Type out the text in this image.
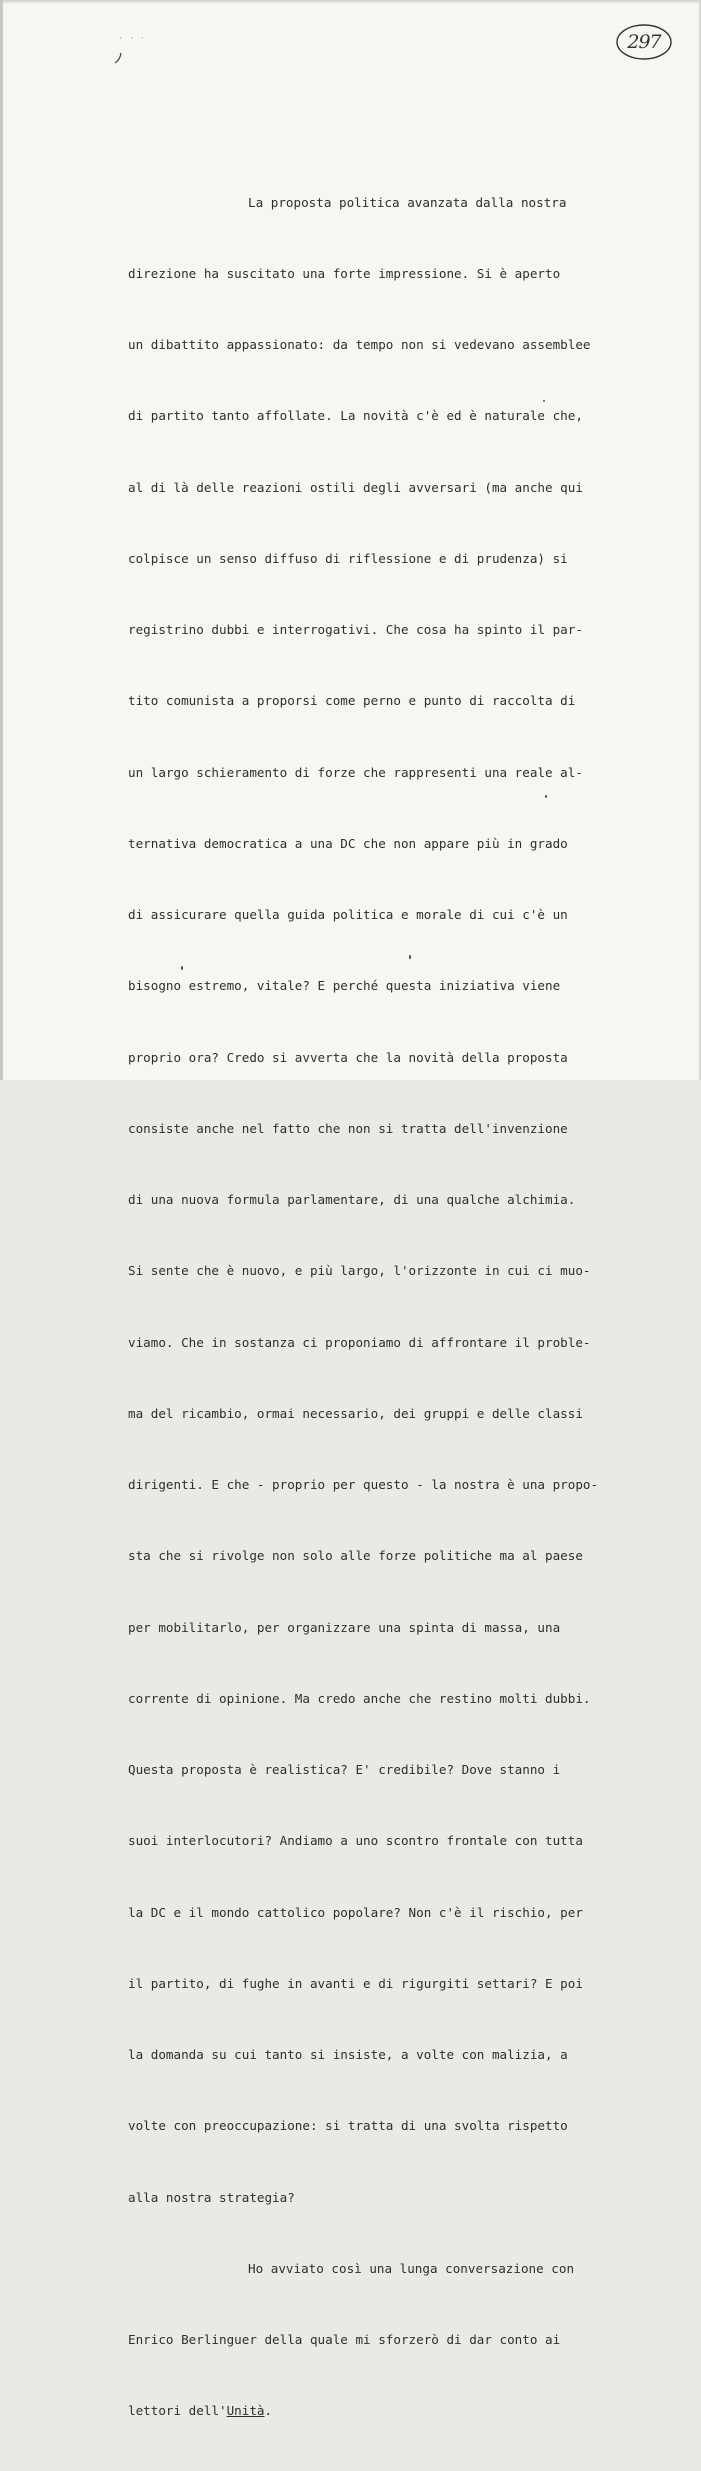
· · ·	297

La proposta politica avanzata dalla nostra

direzione ha suscitato una forte impressione. Si è aperto

un dibattito appassionato: da tempo non si vedevano assemblee

di partito tanto affollate. La novità c'è ed è naturale che,

al di là delle reazioni ostili degli avversari (ma anche qui

colpisce un senso diffuso di riflessione e di prudenza) si

registrino dubbi e interrogativi. Che cosa ha spinto il par-

tito comunista a proporsi come perno e punto di raccolta di

un largo schieramento di forze che rappresenti una reale al-

ternativa democratica a una DC che non appare più in grado

di assicurare quella guida politica e morale di cui c'è un

bisogno estremo, vitale? E perché questa iniziativa viene

proprio ora? Credo si avverta che la novità della proposta

consiste anche nel fatto che non si tratta dell'invenzione

di una nuova formula parlamentare, di una qualche alchimia.

Si sente che è nuovo, e più largo, l'orizzonte in cui ci muo-

viamo. Che in sostanza ci proponiamo di affrontare il proble-

ma del ricambio, ormai necessario, dei gruppi e delle classi

dirigenti. E che - proprio per questo - la nostra è una propo-

sta che si rivolge non solo alle forze politiche ma al paese

per mobilitarlo, per organizzare una spinta di massa, una

corrente di opinione. Ma credo anche che restino molti dubbi.

Questa proposta è realistica? E' credibile? Dove stanno i

suoi interlocutori? Andiamo a uno scontro frontale con tutta

la DC e il mondo cattolico popolare? Non c'è il rischio, per

il partito, di fughe in avanti e di rigurgiti settari? E poi

la domanda su cui tanto si insiste, a volte con malizia, a

volte con preoccupazione: si tratta di una svolta rispetto

alla nostra strategia?

Ho avviato così una lunga conversazione con

Enrico Berlinguer della quale mi sforzerò di dar conto ai

lettori dell'Unità.
